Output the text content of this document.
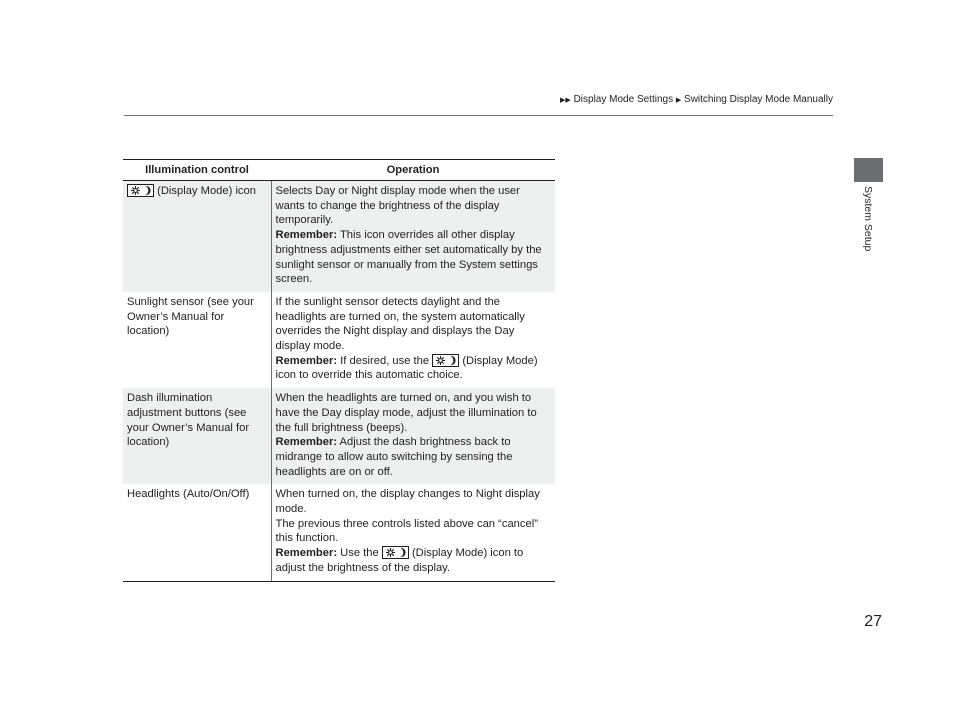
▶▶ Display Mode Settings ▶ Switching Display Mode Manually
System Setup
Illumination control	Operation

(Display Mode) icon	Selects Day or Night display mode when the user wants to change the brightness of the display temporarily.
Remember: This icon overrides all other display brightness adjustments either set automatically by the sunlight sensor or manually from the System settings screen.
Sunlight sensor (see your Owner’s Manual for location)	If the sunlight sensor detects daylight and the headlights are turned on, the system automatically overrides the Night display and displays the Day display mode.
Remember: If desired, use the
(Display Mode) icon to override this automatic choice.
Dash illumination adjustment buttons (see your Owner’s Manual for location)	When the headlights are turned on, and you wish to have the Day display mode, adjust the illumination to the full brightness (beeps).
Remember: Adjust the dash brightness back to midrange to allow auto switching by sensing the headlights are on or off.
Headlights (Auto/On/Off)	When turned on, the display changes to Night display mode.
The previous three controls listed above can “cancel” this function.
Remember: Use the
(Display Mode) icon to adjust the brightness of the display.
27
